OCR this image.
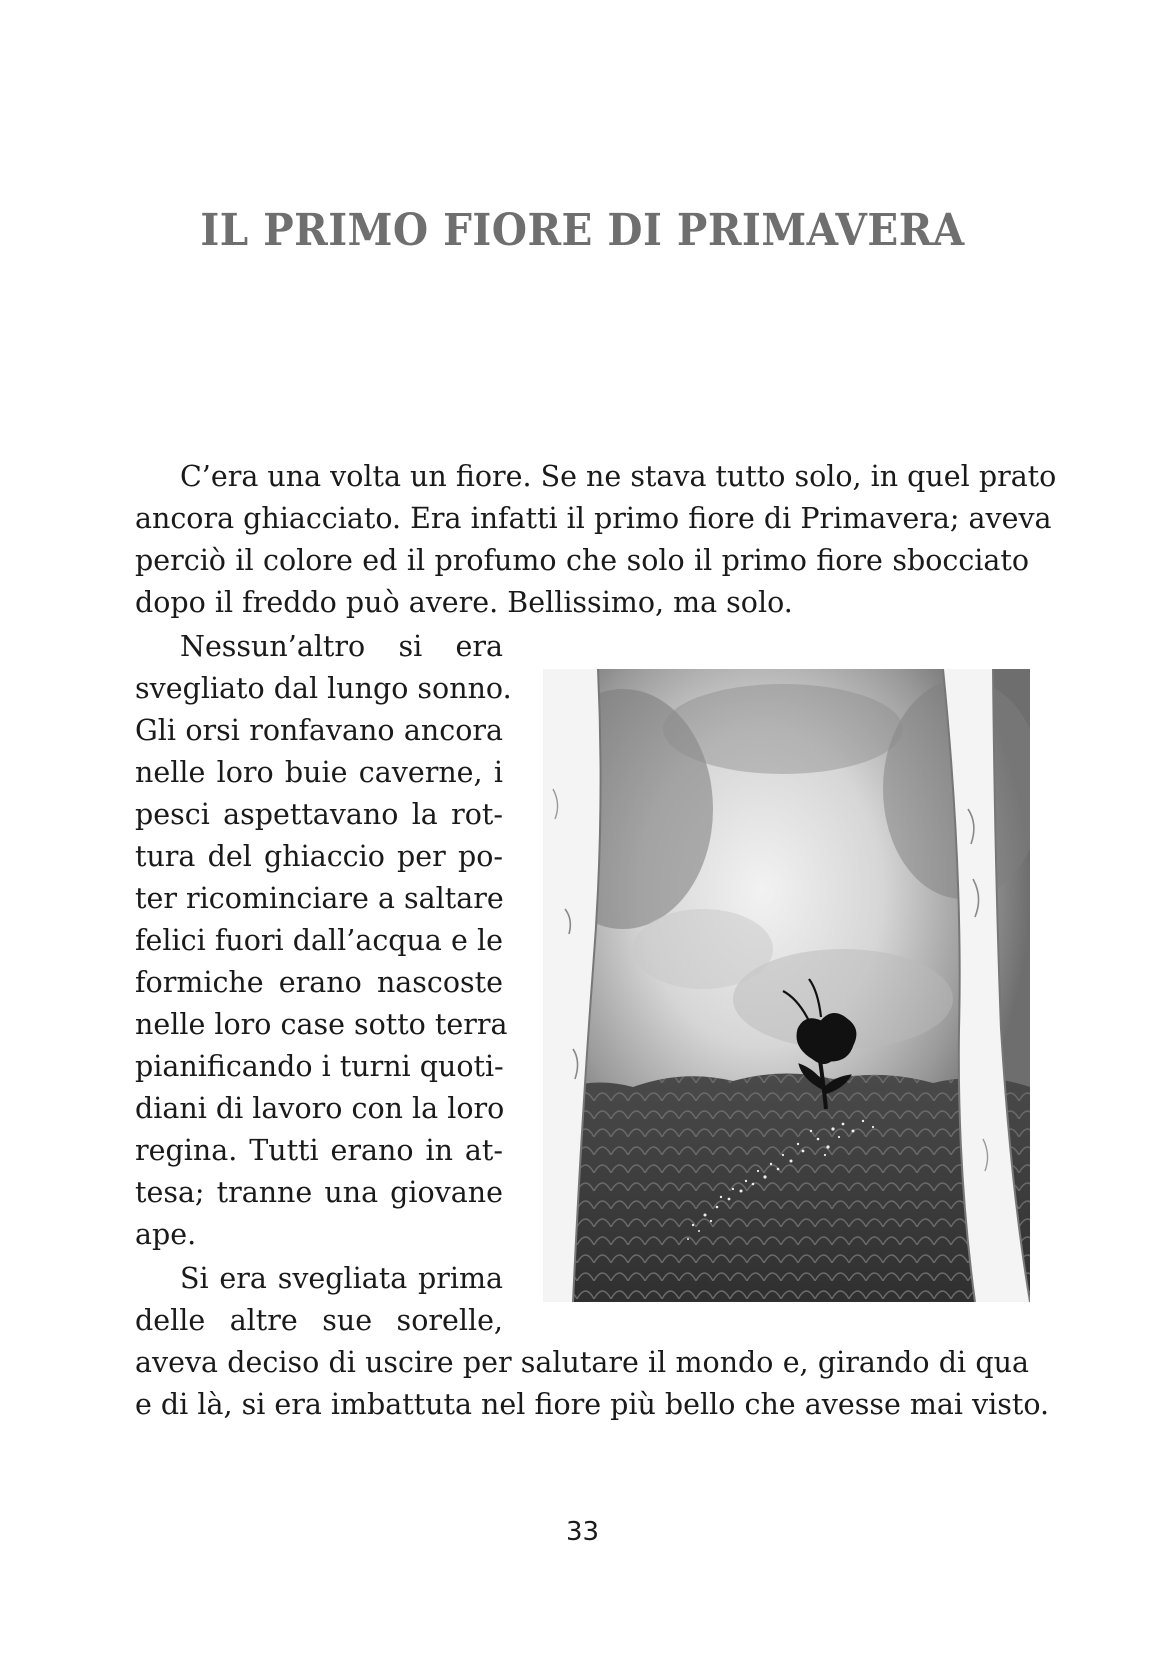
IL PRIMO FIORE DI PRIMAVERA

C’era una volta un fiore. Se ne stava tutto solo, in quel prato

ancora ghiacciato. Era infatti il primo fiore di Primavera; aveva

perciò il colore ed il profumo che solo il primo fiore sbocciato

dopo il freddo può avere. Bellissimo, ma solo.

Nessun’altro si era

svegliato dal lungo sonno.

Gli orsi ronfavano ancora

nelle loro buie caverne, i

pesci aspettavano la rot-

tura del ghiaccio per po-

ter ricominciare a saltare

felici fuori dall’acqua e le

formiche erano nascoste

nelle loro case sotto terra

pianificando i turni quoti-

diani di lavoro con la loro

regina. Tutti erano in at-

tesa; tranne una giovane

ape.

Si era svegliata prima

delle altre sue sorelle,

aveva deciso di uscire per salutare il mondo e, girando di qua

e di là, si era imbattuta nel fiore più bello che avesse mai visto.

33
